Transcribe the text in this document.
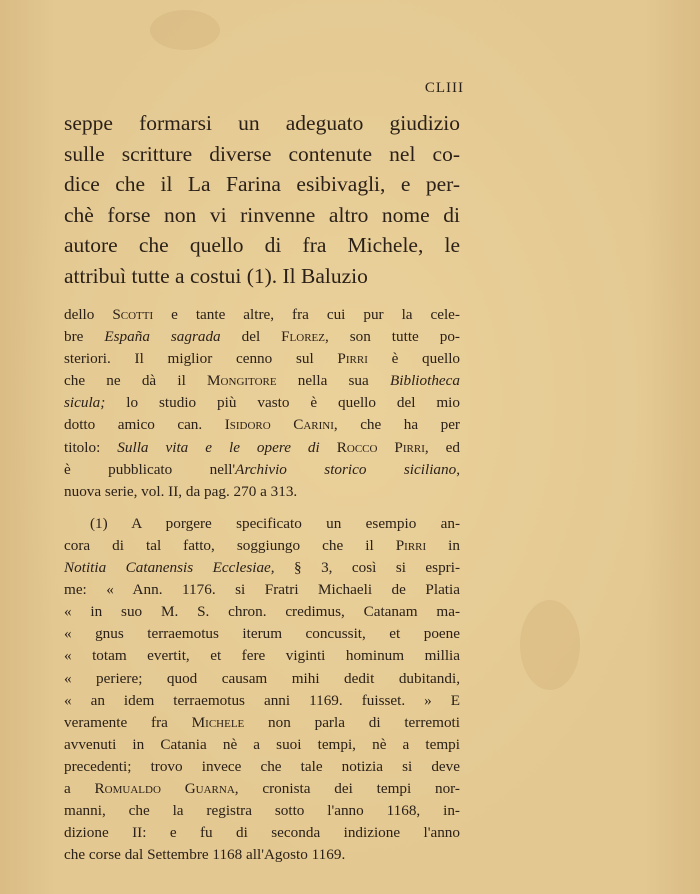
CLIII
seppe formarsi un adeguato giudizio
sulle scritture diverse contenute nel co-
dice che il La Farina esibivagli, e per-
chè forse non vi rinvenne altro nome di
autore che quello di fra Michele, le
attribuì tutte a costui (1). Il Baluzio
dello Scotti e tante altre, fra cui pur la cele-
bre España sagrada del Florez, son tutte po-
steriori. Il miglior cenno sul Pirri è quello
che ne dà il Mongitore nella sua Bibliotheca
sicula; lo studio più vasto è quello del mio
dotto amico can. Isidoro Carini, che ha per
titolo: Sulla vita e le opere di Rocco Pirri, ed
è pubblicato nell'Archivio storico siciliano,
nuova serie, vol. II, da pag. 270 a 313.
(1) A porgere specificato un esempio an-
cora di tal fatto, soggiungo che il Pirri in
Notitia Catanensis Ecclesiae, § 3, così si espri-
me: « Ann. 1176. si Fratri Michaeli de Platia
« in suo M. S. chron. credimus, Catanam ma-
« gnus terraemotus iterum concussit, et poene
« totam evertit, et fere viginti hominum millia
« periere; quod causam mihi dedit dubitandi,
« an idem terraemotus anni 1169. fuisset. » E
veramente fra Michele non parla di terremoti
avvenuti in Catania nè a suoi tempi, nè a tempi
precedenti; trovo invece che tale notizia si deve
a Romualdo Guarna, cronista dei tempi nor-
manni, che la registra sotto l'anno 1168, in-
dizione II: e fu di seconda indizione l'anno
che corse dal Settembre 1168 all'Agosto 1169.
